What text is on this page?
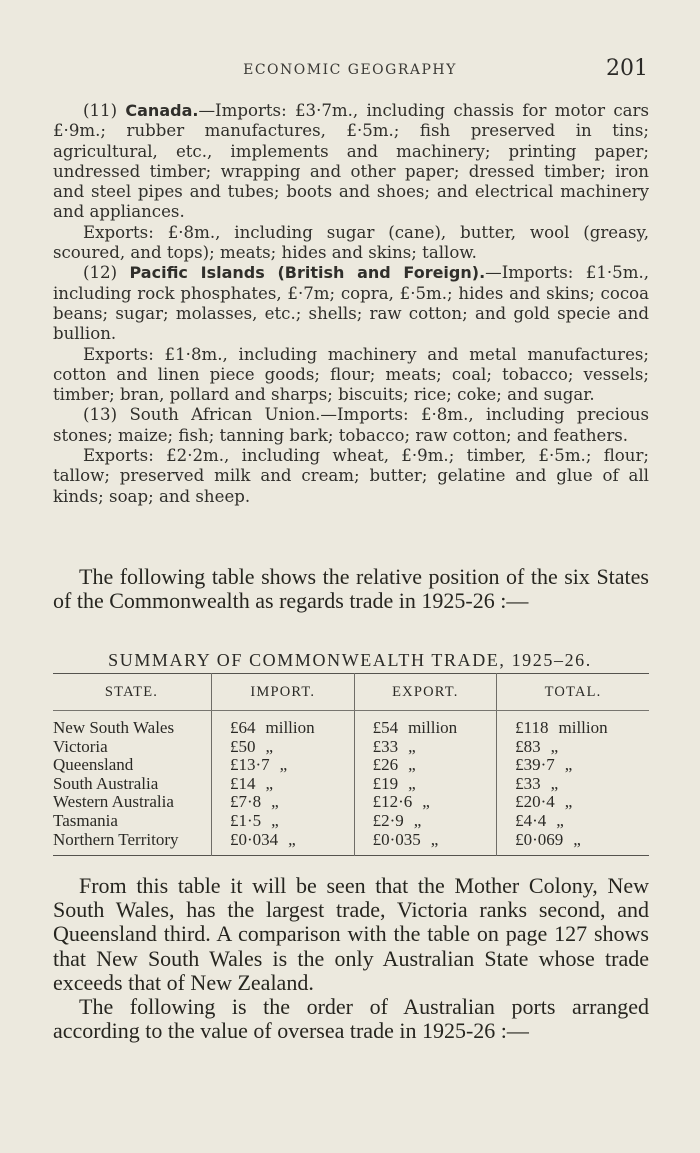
ECONOMIC GEOGRAPHY	201

(11) Canada.—Imports: £3·7m., including chassis for motor cars £·9m.; rubber manufactures, £·5m.; fish preserved in tins; agricultural, etc., implements and machinery; printing paper; undressed timber; wrapping and other paper; dressed timber; iron and steel pipes and tubes; boots and shoes; and electrical machinery and appliances.

Exports: £·8m., including sugar (cane), butter, wool (greasy, scoured, and tops); meats; hides and skins; tallow.

(12) Pacific Islands (British and Foreign).—Imports: £1·5m., including rock phosphates, £·7m; copra, £·5m.; hides and skins; cocoa beans; sugar; molasses, etc.; shells; raw cotton; and gold specie and bullion.

Exports: £1·8m., including machinery and metal manufactures; cotton and linen piece goods; flour; meats; coal; tobacco; vessels; timber; bran, pollard and sharps; biscuits; rice; coke; and sugar.

(13) South African Union.—Imports: £·8m., including precious stones; maize; fish; tanning bark; tobacco; raw cotton; and feathers.

Exports: £2·2m., including wheat, £·9m.; timber, £·5m.; flour; tallow; preserved milk and cream; butter; gelatine and glue of all kinds; soap; and sheep.

The following table shows the relative position of the six States of the Commonwealth as regards trade in 1925-26 :—

SUMMARY OF COMMONWEALTH TRADE, 1925–26.
STATE.	IMPORT.	EXPORT.	TOTAL.
New South Wales	£64 million	£54 million	£118 million
Victoria	£50 „	£33 „	£83 „
Queensland	£13·7 „	£26 „	£39·7 „
South Australia	£14 „	£19 „	£33 „
Western Australia	£7·8 „	£12·6 „	£20·4 „
Tasmania	£1·5 „	£2·9 „	£4·4 „
Northern Territory	£0·034 „	£0·035 „	£0·069 „

From this table it will be seen that the Mother Colony, New South Wales, has the largest trade, Victoria ranks second, and Queensland third. A comparison with the table on page 127 shows that New South Wales is the only Australian State whose trade exceeds that of New Zealand.

The following is the order of Australian ports arranged according to the value of oversea trade in 1925-26 :—
